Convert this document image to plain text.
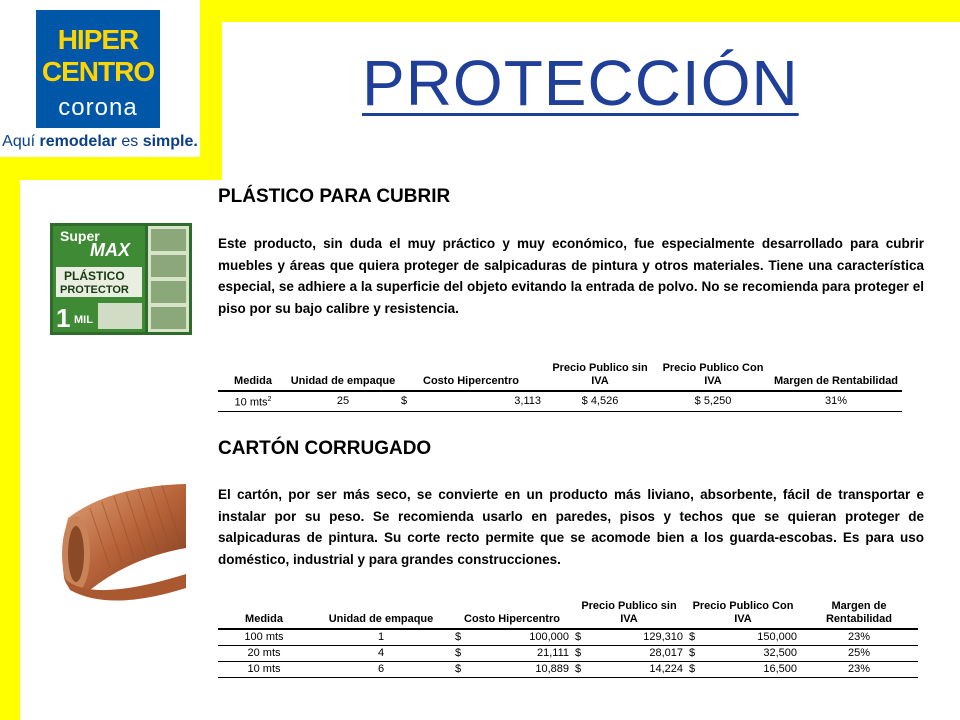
HIPER
CENTRO
corona
Aquí remodelar es simple.
PROTECCIÓN
PLÁSTICO PARA CUBRIR
Este producto, sin duda el muy práctico y muy económico, fue especialmente desarrollado para cubrir muebles y áreas que quiera proteger de salpicaduras de pintura y otros materiales. Tiene una característica especial, se adhiere a la superficie del objeto evitando la entrada de polvo. No se recomienda para proteger el piso por su bajo calibre y resistencia.
Super
MAX
PLÁSTICO
PROTECTOR
1 MIL
Medida	Unidad de empaque	Costo Hipercentro		Precio Publico sin IVA	Precio Publico Con IVA	Margen de Rentabilidad
10 mts$^2$	25	$	3,113	$ 4,526	$ 5,250	31%
CARTÓN CORRUGADO
El cartón, por ser más seco, se convierte en un producto más liviano, absorbente, fácil de transportar e instalar por su peso. Se recomienda usarlo en paredes, pisos y techos que se quieran proteger de salpicaduras de pintura. Su corte recto permite que se acomode bien a los guarda-escobas. Es para uso doméstico, industrial y para grandes construcciones.
Medida	Unidad de empaque	Costo Hipercentro		Precio Publico sin IVA		Precio Publico Con IVA		Margen de Rentabilidad
100 mts	1	$	100,000	$	129,310	$	150,000	23%
20 mts	4	$	21,111	$	28,017	$	32,500	25%
10 mts	6	$	10,889	$	14,224	$	16,500	23%
